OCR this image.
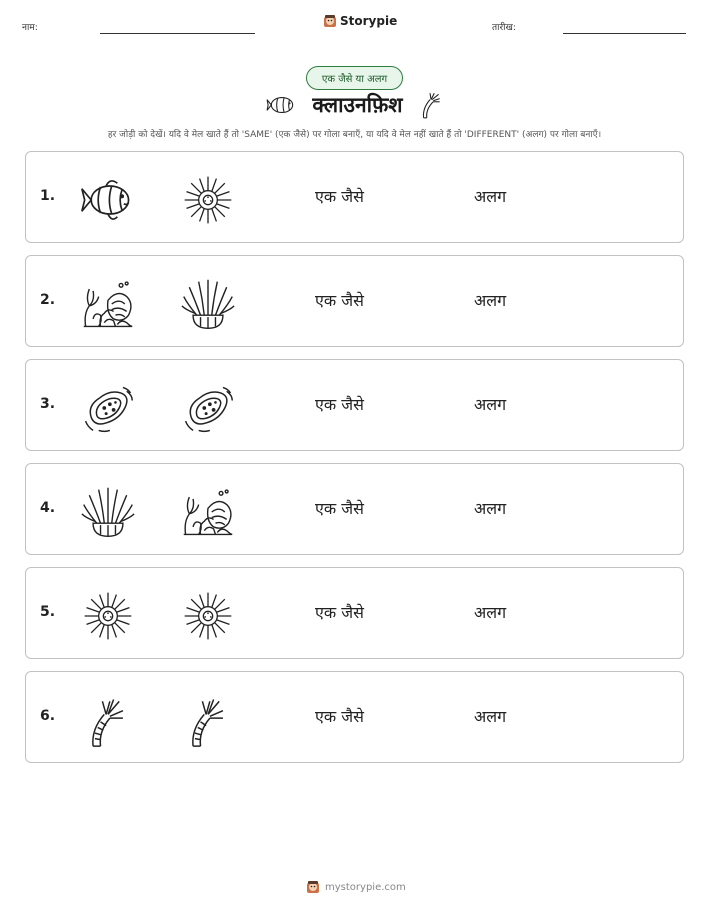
नाम:	Storypie	तारीख:
एक जैसे या अलग
क्लाउनफ़िश
हर जोड़ी को देखें। यदि वे मेल खाते हैं तो 'SAME' (एक जैसे) पर गोला बनाएँ, या यदि वे मेल नहीं खाते हैं तो 'DIFFERENT' (अलग) पर गोला बनाएँ।
1.	एक जैसे	अलग
2.	एक जैसे	अलग
3.	एक जैसे	अलग
4.	एक जैसे	अलग
5.	एक जैसे	अलग
6.	एक जैसे	अलग
mystorypie.com
